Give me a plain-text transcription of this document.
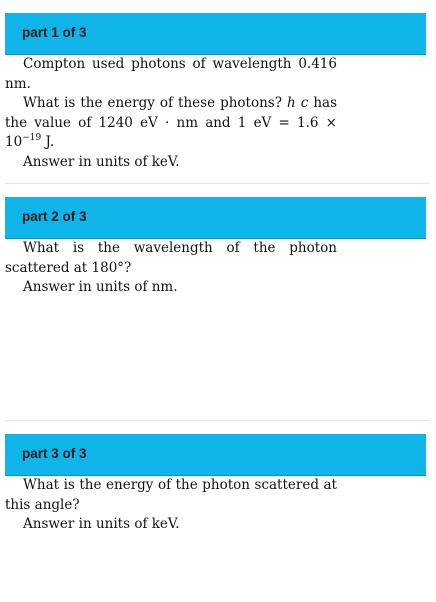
part 1 of 3

Compton used photons of wavelength 0.416 nm.

What is the energy of these photons? h c has the value of 1240 eV · nm and 1 eV = $1.6 \times 10^{-19}$ J.

Answer in units of keV.

part 2 of 3

What is the wavelength of the photon scattered at 180°?

Answer in units of nm.

part 3 of 3

What is the energy of the photon scattered at this angle?

Answer in units of keV.
